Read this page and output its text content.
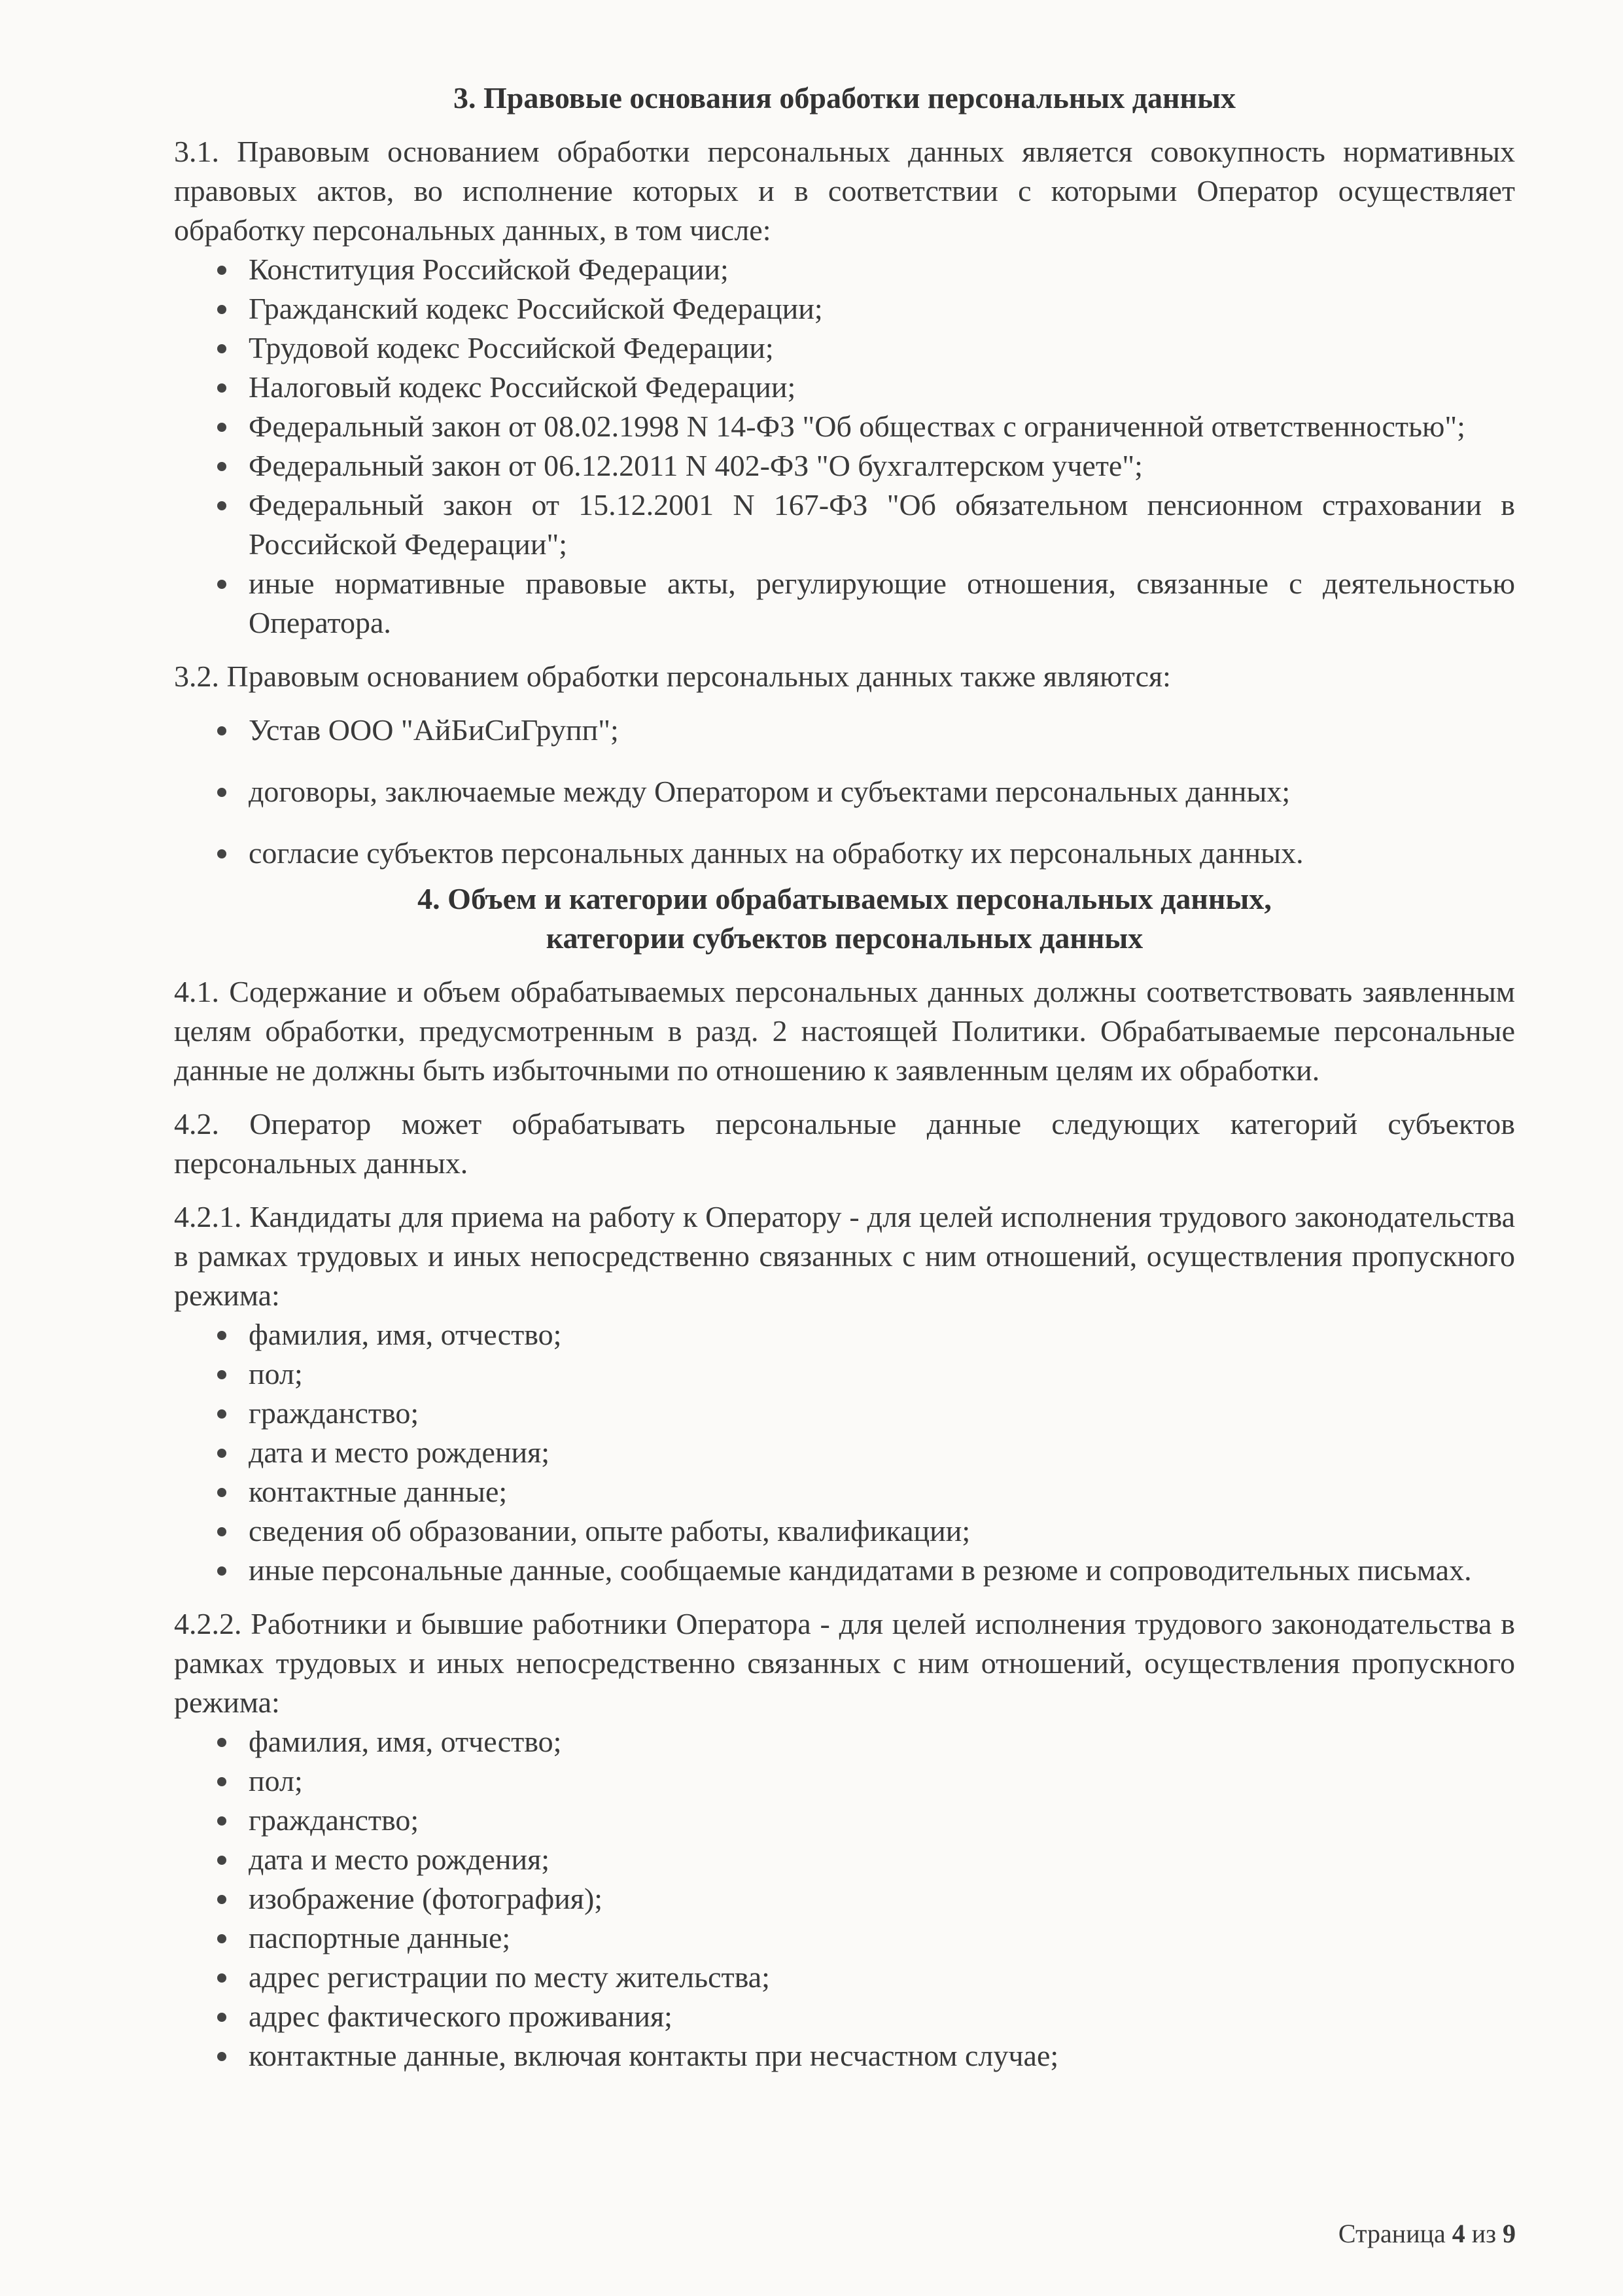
3. Правовые основания обработки персональных данных

3.1. Правовым основанием обработки персональных данных является совокупность нормативных правовых актов, во исполнение которых и в соответствии с которыми Оператор осуществляет обработку персональных данных, в том числе:

Конституция Российской Федерации;
Гражданский кодекс Российской Федерации;
Трудовой кодекс Российской Федерации;
Налоговый кодекс Российской Федерации;
Федеральный закон от 08.02.1998 N 14-ФЗ "Об обществах с ограниченной ответственностью";
Федеральный закон от 06.12.2011 N 402-ФЗ "О бухгалтерском учете";
Федеральный закон от 15.12.2001 N 167-ФЗ "Об обязательном пенсионном страховании в Российской Федерации";
иные нормативные правовые акты, регулирующие отношения, связанные с деятельностью Оператора.

3.2. Правовым основанием обработки персональных данных также являются:

Устав ООО "АйБиСиГрупп";
договоры, заключаемые между Оператором и субъектами персональных данных;
согласие субъектов персональных данных на обработку их персональных данных.
4. Объем и категории обрабатываемых персональных данных,
категории субъектов персональных данных

4.1. Содержание и объем обрабатываемых персональных данных должны соответствовать заявленным целям обработки, предусмотренным в разд. 2 настоящей Политики. Обрабатываемые персональные данные не должны быть избыточными по отношению к заявленным целям их обработки.

4.2. Оператор может обрабатывать персональные данные следующих категорий субъектов персональных данных.

4.2.1. Кандидаты для приема на работу к Оператору - для целей исполнения трудового законодательства в рамках трудовых и иных непосредственно связанных с ним отношений, осуществления пропускного режима:

фамилия, имя, отчество;
пол;
гражданство;
дата и место рождения;
контактные данные;
сведения об образовании, опыте работы, квалификации;
иные персональные данные, сообщаемые кандидатами в резюме и сопроводительных письмах.

4.2.2. Работники и бывшие работники Оператора - для целей исполнения трудового законодательства в рамках трудовых и иных непосредственно связанных с ним отношений, осуществления пропускного режима:

фамилия, имя, отчество;
пол;
гражданство;
дата и место рождения;
изображение (фотография);
паспортные данные;
адрес регистрации по месту жительства;
адрес фактического проживания;
контактные данные, включая контакты при несчастном случае;
Страница 4 из 9
